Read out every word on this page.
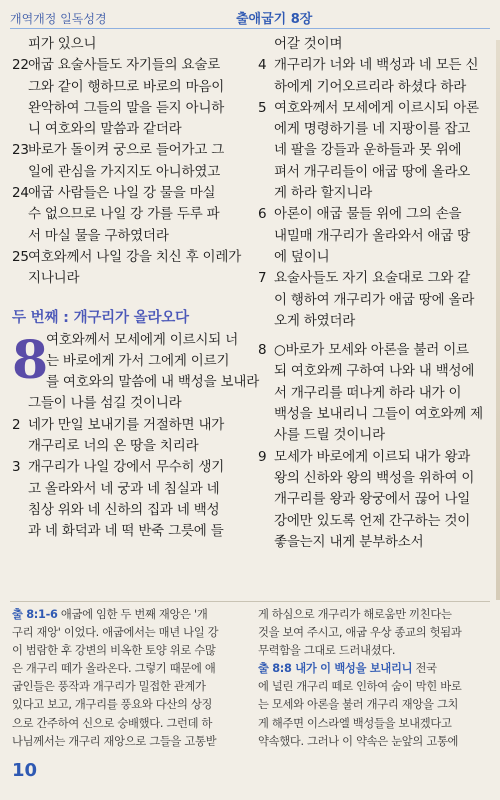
개역개정 일독성경	출애굽기 8장
피가 있으니
22애굽 요술사들도 자기들의 요술로
그와 같이 행하므로 바로의 마음이
완악하여 그들의 말을 듣지 아니하
니 여호와의 말씀과 같더라
23바로가 돌이켜 궁으로 들어가고 그
일에 관심을 가지지도 아니하였고
24애굽 사람들은 나일 강 물을 마실
수 없으므로 나일 강 가를 두루 파
서 마실 물을 구하였더라
25여호와께서 나일 강을 치신 후 이레가
지나니라
두 번째 : 개구리가 올라오다
8
여호와께서 모세에게 이르시되 너
는 바로에게 가서 그에게 이르기
를 여호와의 말씀에 내 백성을 보내라
그들이 나를 섬길 것이니라
2 네가 만일 보내기를 거절하면 내가
개구리로 너의 온 땅을 치리라
3 개구리가 나일 강에서 무수히 생기
고 올라와서 네 궁과 네 침실과 네
침상 위와 네 신하의 집과 네 백성
과 네 화덕과 네 떡 반죽 그릇에 들
어갈 것이며
4 개구리가 너와 네 백성과 네 모든 신
하에게 기어오르리라 하셨다 하라
5 여호와께서 모세에게 이르시되 아론
에게 명령하기를 네 지팡이를 잡고
네 팔을 강들과 운하들과 못 위에
펴서 개구리들이 애굽 땅에 올라오
게 하라 할지니라
6 아론이 애굽 물들 위에 그의 손을
내밀매 개구리가 올라와서 애굽 땅
에 덮이니
7 요술사들도 자기 요술대로 그와 같
이 행하여 개구리가 애굽 땅에 올라
오게 하였더라
8 ○바로가 모세와 아론을 불러 이르
되 여호와께 구하여 나와 내 백성에
서 개구리를 떠나게 하라 내가 이
백성을 보내리니 그들이 여호와께 제
사를 드릴 것이니라
9 모세가 바로에게 이르되 내가 왕과
왕의 신하와 왕의 백성을 위하여 이
개구리를 왕과 왕궁에서 끊어 나일
강에만 있도록 언제 간구하는 것이
좋을는지 내게 분부하소서
출 8:1-6 애굽에 임한 두 번째 재앙은 '개
구리 재앙' 이었다. 애굽에서는 매년 나일 강
이 범람한 후 강변의 비옥한 토양 위로 수많
은 개구리 떼가 올라온다. 그렇기 때문에 애
굽인들은 풍작과 개구리가 밀접한 관계가
있다고 보고, 개구리를 풍요와 다산의 상징
으로 간주하여 신으로 숭배했다. 그런데 하
나님께서는 개구리 재앙으로 그들을 고통받
게 하심으로 개구리가 해로움만 끼친다는
것을 보여 주시고, 애굽 우상 종교의 헛됨과
무력함을 그대로 드러내셨다.
출 8:8 내가 이 백성을 보내리니 전국
에 널린 개구리 떼로 인하여 숨이 막힌 바로
는 모세와 아론을 불러 개구리 재앙을 그치
게 해주면 이스라엘 백성들을 보내겠다고
약속했다. 그러나 이 약속은 눈앞의 고통에
10
